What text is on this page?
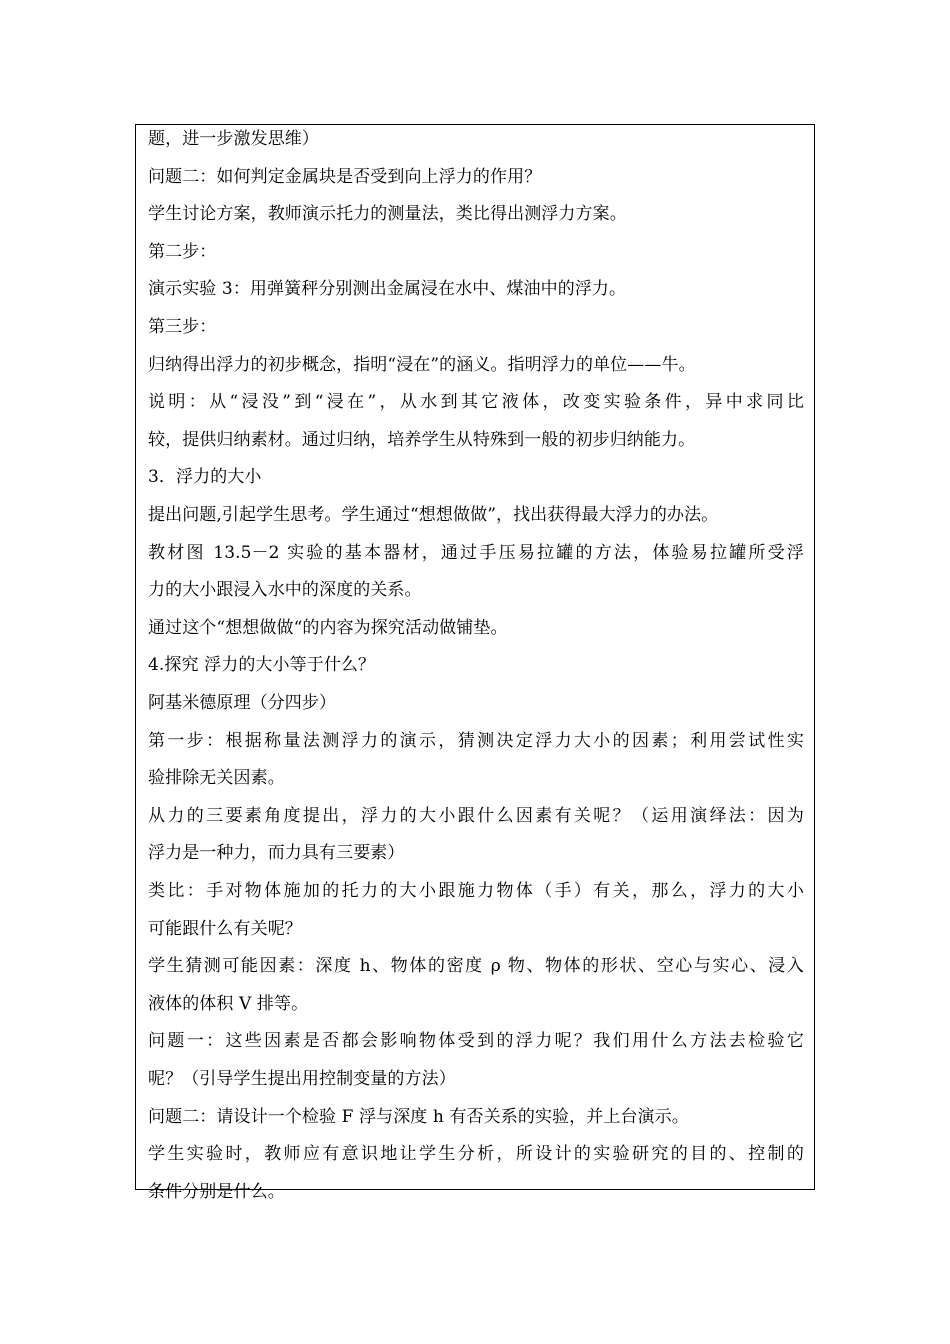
题，进一步激发思维）
问题二：如何判定金属块是否受到向上浮力的作用？
学生讨论方案，教师演示托力的测量法，类比得出测浮力方案。
第二步：
演示实验 3：用弹簧秤分别测出金属浸在水中、煤油中的浮力。
第三步：
归纳得出浮力的初步概念，指明“浸在”的涵义。指明浮力的单位——牛。
说明：从“浸没”到“浸在”，从水到其它液体，改变实验条件，异中求同比
较，提供归纳素材。通过归纳，培养学生从特殊到一般的初步归纳能力。
3．浮力的大小
提出问题,引起学生思考。学生通过“想想做做”，找出获得最大浮力的办法。
教材图 13.5－2 实验的基本器材，通过手压易拉罐的方法，体验易拉罐所受浮
力的大小跟浸入水中的深度的关系。
通过这个“想想做做“的内容为探究活动做铺垫。
4.探究 浮力的大小等于什么？
阿基米德原理（分四步）
第一步：根据称量法测浮力的演示，猜测决定浮力大小的因素；利用尝试性实
验排除无关因素。
从力的三要素角度提出，浮力的大小跟什么因素有关呢？（运用演绎法：因为
浮力是一种力，而力具有三要素）
类比：手对物体施加的托力的大小跟施力物体（手）有关，那么，浮力的大小
可能跟什么有关呢？
学生猜测可能因素：深度 h、物体的密度 ρ 物、物体的形状、空心与实心、浸入
液体的体积 V 排等。
问题一：这些因素是否都会影响物体受到的浮力呢？我们用什么方法去检验它
呢？（引导学生提出用控制变量的方法）
问题二：请设计一个检验 F 浮与深度 h 有否关系的实验，并上台演示。
学生实验时，教师应有意识地让学生分析，所设计的实验研究的目的、控制的
条件分别是什么。
